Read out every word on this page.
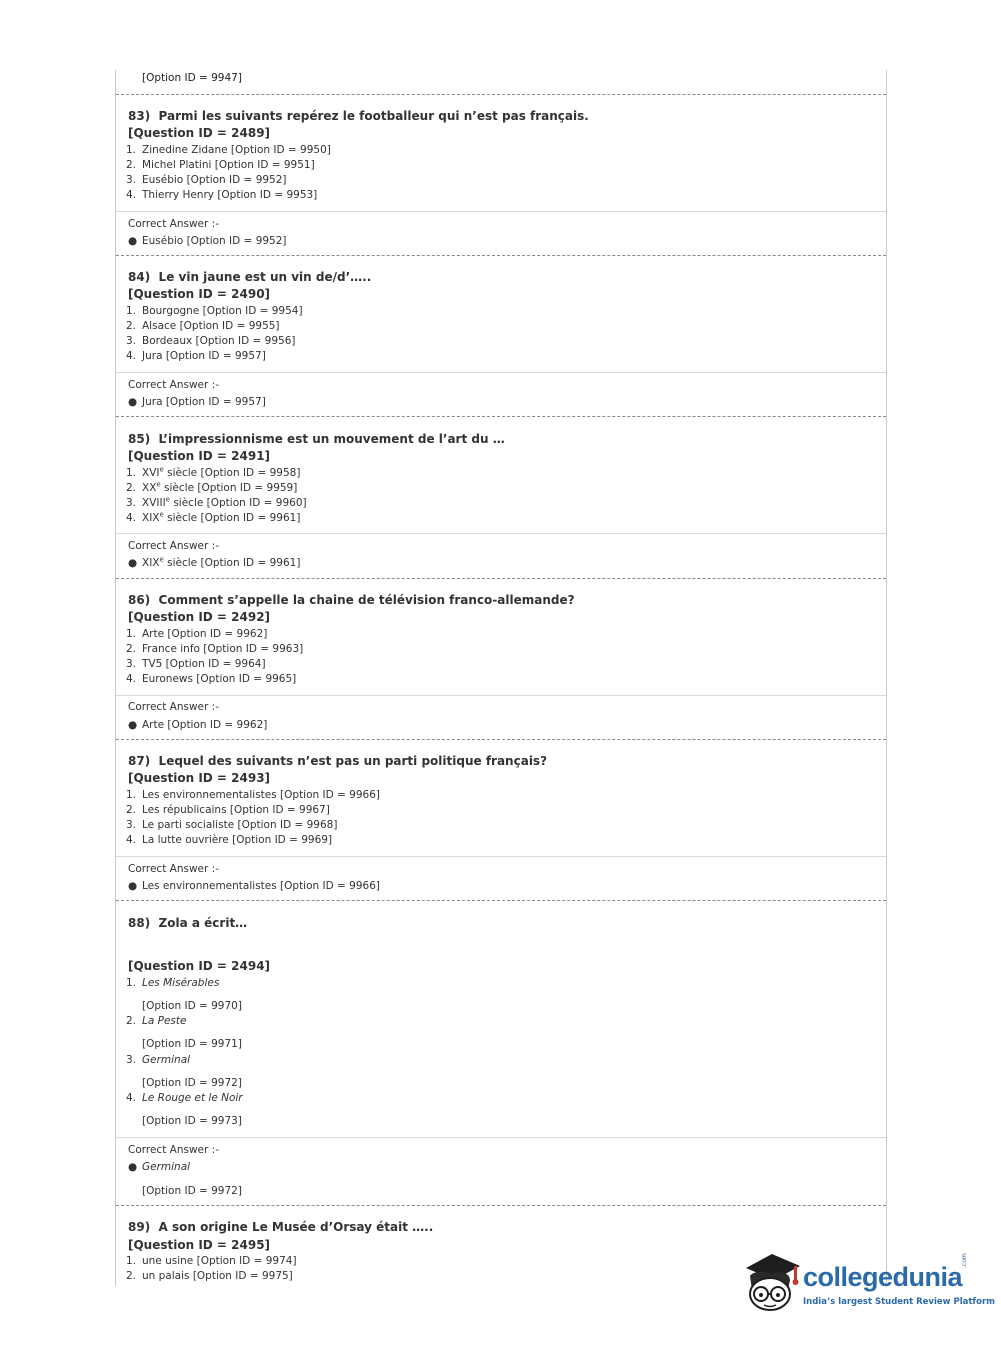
[Option ID = 9947]
83) Parmi les suivants repérez le footballeur qui n’est pas français.
[Question ID = 2489]
1. Zinedine Zidane [Option ID = 9950]
2. Michel Platini [Option ID = 9951]
3. Eusébio [Option ID = 9952]
4. Thierry Henry [Option ID = 9953]
Correct Answer :-
● Eusébio [Option ID = 9952]
84) Le vin jaune est un vin de/d’…..
[Question ID = 2490]
1. Bourgogne [Option ID = 9954]
2. Alsace [Option ID = 9955]
3. Bordeaux [Option ID = 9956]
4. Jura [Option ID = 9957]
Correct Answer :-
● Jura [Option ID = 9957]
85) L’impressionnisme est un mouvement de l’art du …
[Question ID = 2491]
1. XVIe siècle [Option ID = 9958]
2. XXe siècle [Option ID = 9959]
3. XVIIIe siècle [Option ID = 9960]
4. XIXe siècle [Option ID = 9961]
Correct Answer :-
● XIXe siècle [Option ID = 9961]
86) Comment s’appelle la chaine de télévision franco-allemande?
[Question ID = 2492]
1. Arte [Option ID = 9962]
2. France info [Option ID = 9963]
3. TV5 [Option ID = 9964]
4. Euronews [Option ID = 9965]
Correct Answer :-
● Arte [Option ID = 9962]
87) Lequel des suivants n’est pas un parti politique français?
[Question ID = 2493]
1. Les environnementalistes [Option ID = 9966]
2. Les républicains [Option ID = 9967]
3. Le parti socialiste [Option ID = 9968]
4. La lutte ouvrière [Option ID = 9969]
Correct Answer :-
● Les environnementalistes [Option ID = 9966]
88) Zola a écrit…
[Question ID = 2494]
1. Les Misérables
[Option ID = 9970]
2. La Peste
[Option ID = 9971]
3. Germinal
[Option ID = 9972]
4. Le Rouge et le Noir
[Option ID = 9973]
Correct Answer :-
● Germinal
[Option ID = 9972]
89) A son origine Le Musée d’Orsay était …..
[Question ID = 2495]
1. une usine [Option ID = 9974]
2. un palais [Option ID = 9975]	collegedunia
.com
India’s largest Student Review Platform
